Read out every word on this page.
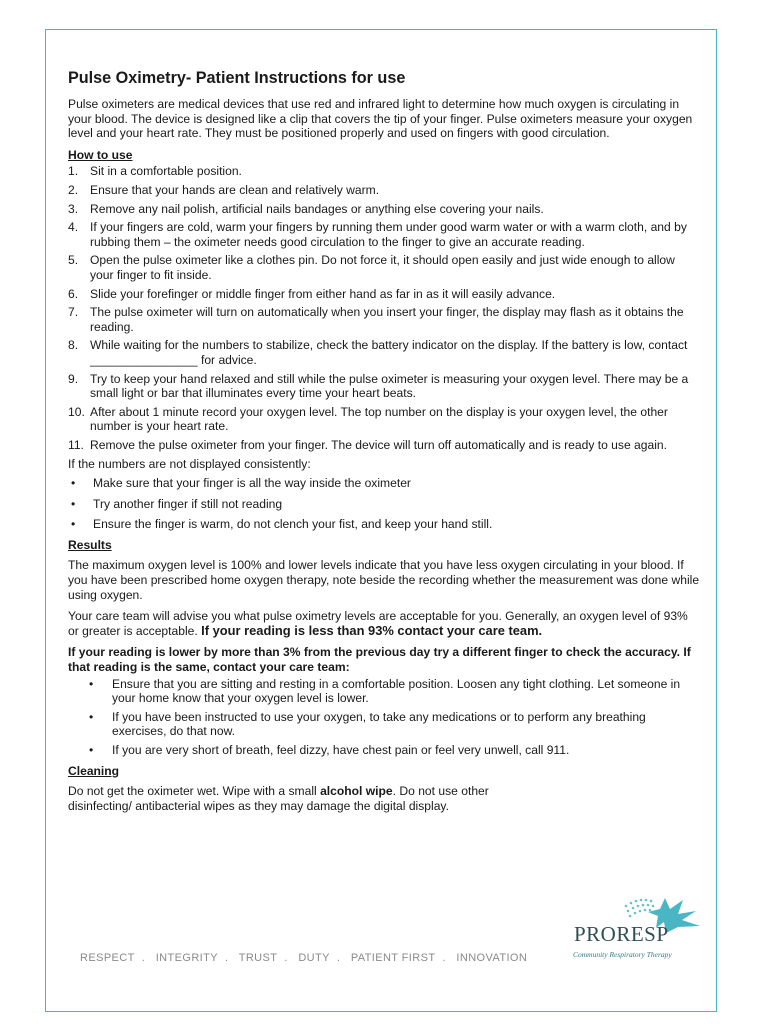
Pulse Oximetry- Patient Instructions for use

Pulse oximeters are medical devices that use red and infrared light to determine how much oxygen is circulating in your blood. The device is designed like a clip that covers the tip of your finger. Pulse oximeters measure your oxygen level and your heart rate. They must be positioned properly and used on fingers with good circulation.

How to use
1. Sit in a comfortable position.
2. Ensure that your hands are clean and relatively warm.
3. Remove any nail polish, artificial nails bandages or anything else covering your nails.
4. If your fingers are cold, warm your fingers by running them under good warm water or with a warm cloth, and by rubbing them – the oximeter needs good circulation to the finger to give an accurate reading.
5. Open the pulse oximeter like a clothes pin. Do not force it, it should open easily and just wide enough to allow your finger to fit inside.
6. Slide your forefinger or middle finger from either hand as far in as it will easily advance.
7. The pulse oximeter will turn on automatically when you insert your finger, the display may flash as it obtains the reading.
8. While waiting for the numbers to stabilize, check the battery indicator on the display. If the battery is low, contact ________________ for advice.
9. Try to keep your hand relaxed and still while the pulse oximeter is measuring your oxygen level. There may be a small light or bar that illuminates every time your heart beats.
10. After about 1 minute record your oxygen level. The top number on the display is your oxygen level, the other number is your heart rate.
11. Remove the pulse oximeter from your finger. The device will turn off automatically and is ready to use again.

If the numbers are not displayed consistently:

• Make sure that your finger is all the way inside the oximeter
• Try another finger if still not reading
• Ensure the finger is warm, do not clench your fist, and keep your hand still.
Results

The maximum oxygen level is 100% and lower levels indicate that you have less oxygen circulating in your blood. If you have been prescribed home oxygen therapy, note beside the recording whether the measurement was done while using oxygen.

Your care team will advise you what pulse oximetry levels are acceptable for you. Generally, an oxygen level of 93% or greater is acceptable. If your reading is less than 93% contact your care team.

If your reading is lower by more than 3% from the previous day try a different finger to check the accuracy. If that reading is the same, contact your care team:

• Ensure that you are sitting and resting in a comfortable position. Loosen any tight clothing. Let someone in your home know that your oxygen level is lower.
• If you have been instructed to use your oxygen, to take any medications or to perform any breathing exercises, do that now.
• If you are very short of breath, feel dizzy, have chest pain or feel very unwell, call 911.
Cleaning

Do not get the oximeter wet. Wipe with a small alcohol wipe. Do not use other disinfecting/ antibacterial wipes as they may damage the digital display.

RESPECT . INTEGRITY . TRUST . DUTY . PATIENT FIRST . INNOVATION
PRORESP
Community Respiratory Therapy
